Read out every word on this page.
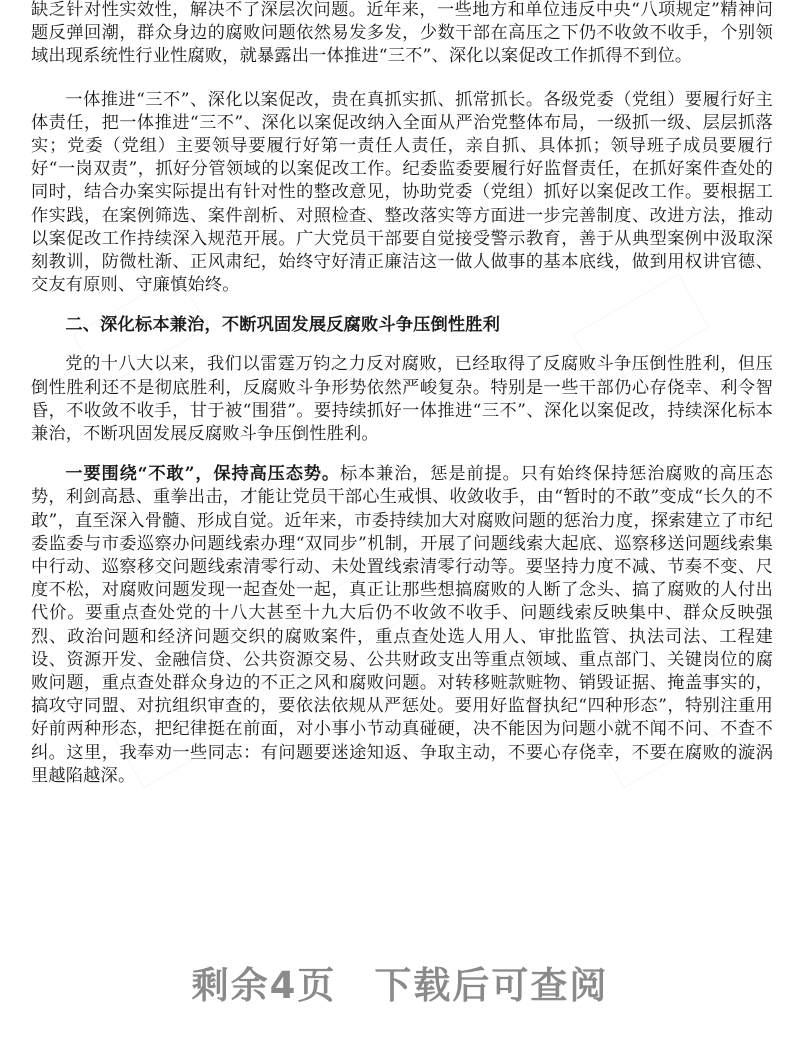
缺乏针对性实效性，解决不了深层次问题。近年来，一些地方和单位违反中央“八项规定”精神问题反弹回潮，群众身边的腐败问题依然易发多发，少数干部在高压之下仍不收敛不收手，个别领域出现系统性行业性腐败，就暴露出一体推进“三不”、深化以案促改工作抓得不到位。

一体推进“三不”、深化以案促改，贵在真抓实抓、抓常抓长。各级党委（党组）要履行好主体责任，把一体推进“三不”、深化以案促改纳入全面从严治党整体布局，一级抓一级、层层抓落实；党委（党组）主要领导要履行好第一责任人责任，亲自抓、具体抓；领导班子成员要履行好“一岗双责”，抓好分管领域的以案促改工作。纪委监委要履行好监督责任，在抓好案件查处的同时，结合办案实际提出有针对性的整改意见，协助党委（党组）抓好以案促改工作。要根据工作实践，在案例筛选、案件剖析、对照检查、整改落实等方面进一步完善制度、改进方法，推动以案促改工作持续深入规范开展。广大党员干部要自觉接受警示教育，善于从典型案例中汲取深刻教训，防微杜渐、正风肃纪，始终守好清正廉洁这一做人做事的基本底线，做到用权讲官德、交友有原则、守廉慎始终。

二、深化标本兼治，不断巩固发展反腐败斗争压倒性胜利

党的十八大以来，我们以雷霆万钧之力反对腐败，已经取得了反腐败斗争压倒性胜利，但压倒性胜利还不是彻底胜利，反腐败斗争形势依然严峻复杂。特别是一些干部仍心存侥幸、利令智昏，不收敛不收手，甘于被“围猎”。要持续抓好一体推进“三不”、深化以案促改，持续深化标本兼治，不断巩固发展反腐败斗争压倒性胜利。

一要围绕“不敢”，保持高压态势。标本兼治，惩是前提。只有始终保持惩治腐败的高压态势，利剑高悬、重拳出击，才能让党员干部心生戒惧、收敛收手，由“暂时的不敢”变成“长久的不敢”，直至深入骨髓、形成自觉。近年来，市委持续加大对腐败问题的惩治力度，探索建立了市纪委监委与市委巡察办问题线索办理“双同步”机制，开展了问题线索大起底、巡察移送问题线索集中行动、巡察移交问题线索清零行动、未处置线索清零行动等。要坚持力度不减、节奏不变、尺度不松，对腐败问题发现一起查处一起，真正让那些想搞腐败的人断了念头、搞了腐败的人付出代价。要重点查处党的十八大甚至十九大后仍不收敛不收手、问题线索反映集中、群众反映强烈、政治问题和经济问题交织的腐败案件，重点查处选人用人、审批监管、执法司法、工程建设、资源开发、金融信贷、公共资源交易、公共财政支出等重点领域、重点部门、关键岗位的腐败问题，重点查处群众身边的不正之风和腐败问题。对转移赃款赃物、销毁证据、掩盖事实的，搞攻守同盟、对抗组织审查的，要依法依规从严惩处。要用好监督执纪“四种形态”，特别注重用好前两种形态，把纪律挺在前面，对小事小节动真碰硬，决不能因为问题小就不闻不问、不查不纠。这里，我奉劝一些同志：有问题要迷途知返、争取主动，不要心存侥幸，不要在腐败的漩涡里越陷越深。

剩余4页 下载后可查阅
